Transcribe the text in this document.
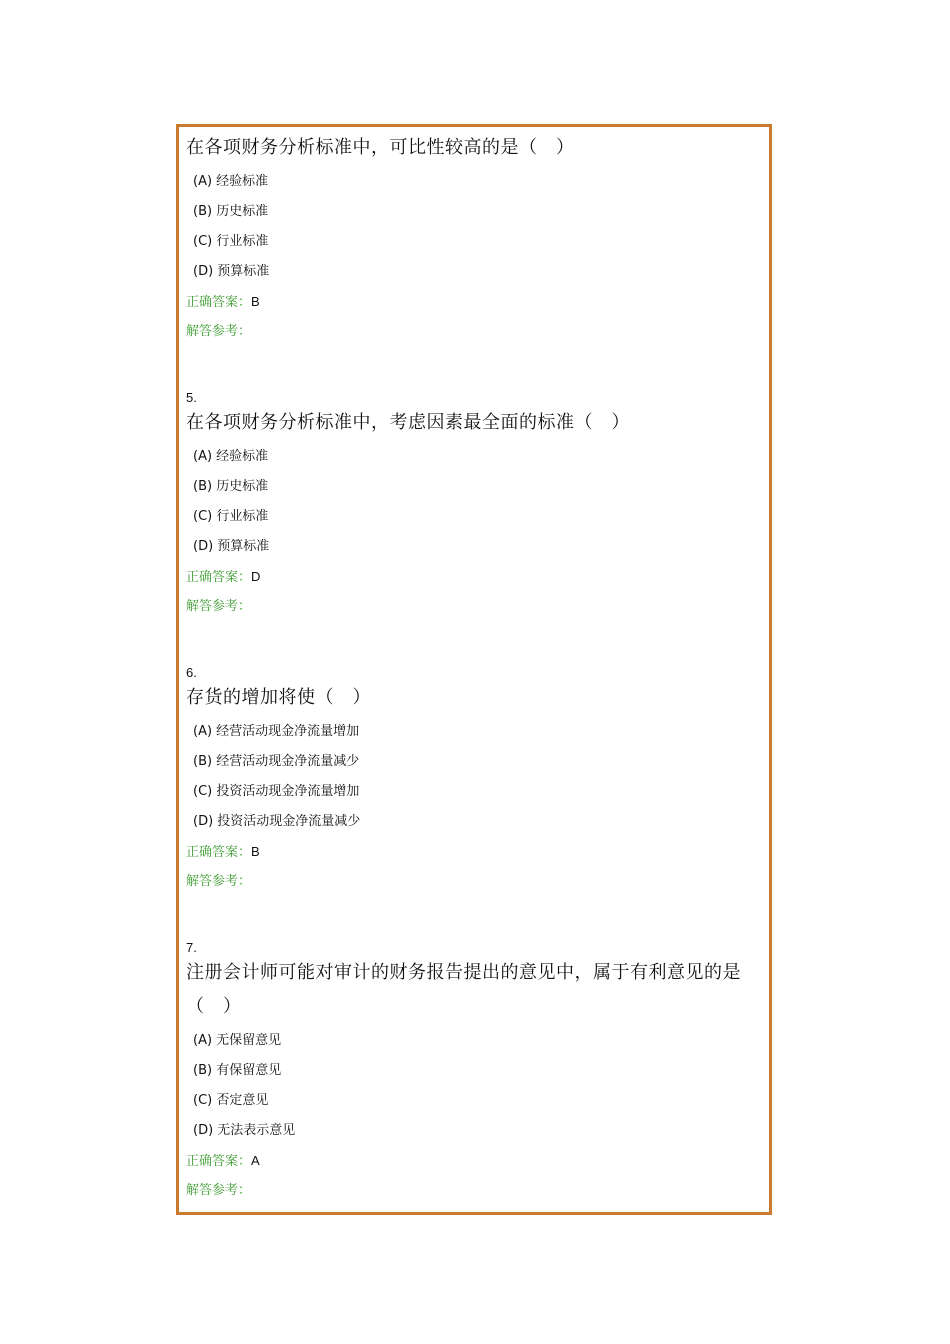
在各项财务分析标准中，可比性较高的是（　）
(A) 经验标准
(B) 历史标准
(C) 行业标准
(D) 预算标准
正确答案：B
解答参考：
5.
在各项财务分析标准中，考虑因素最全面的标准（　）
(A) 经验标准
(B) 历史标准
(C) 行业标准
(D) 预算标准
正确答案：D
解答参考：
6.
存货的增加将使（　）
(A) 经营活动现金净流量增加
(B) 经营活动现金净流量减少
(C) 投资活动现金净流量增加
(D) 投资活动现金净流量减少
正确答案：B
解答参考：
7.
注册会计师可能对审计的财务报告提出的意见中，属于有利意见的是（　）
(A) 无保留意见
(B) 有保留意见
(C) 否定意见
(D) 无法表示意见
正确答案：A
解答参考：
